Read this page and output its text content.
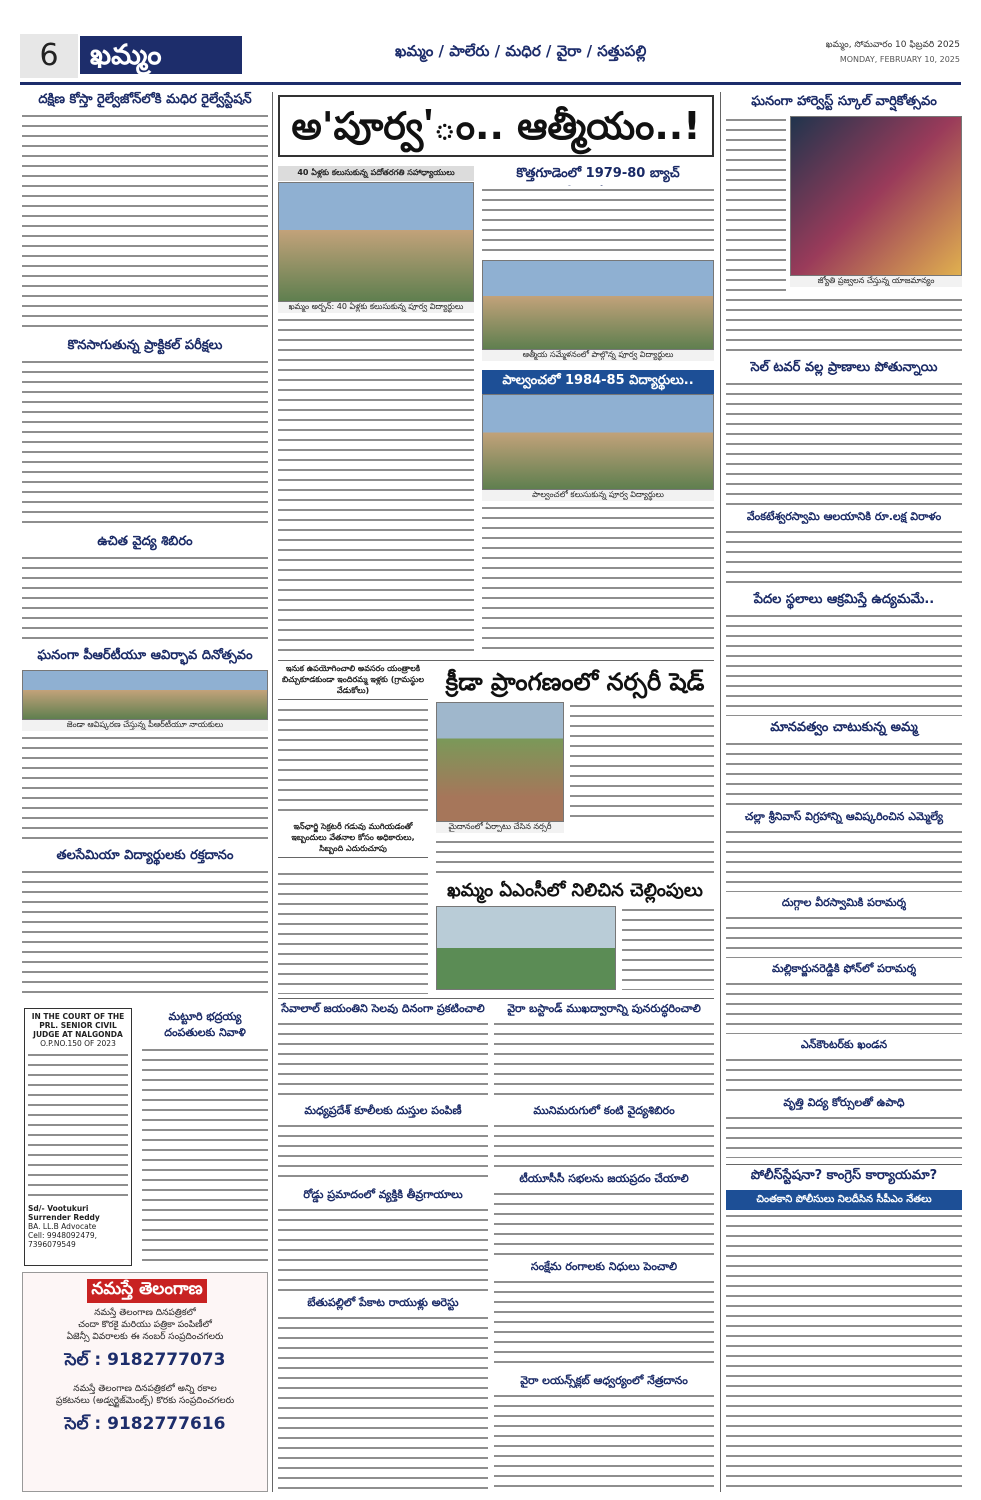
6	ఖమ్మం	ఖమ్మం / పాలేరు / మధిర / వైరా / సత్తుపల్లి	ఖమ్మం, సోమవారం 10 ఫిబ్రవరి 2025
MONDAY, FEBRUARY 10, 2025
దక్షిణ కోస్తా రైల్వేజోన్‌లోకి మధిర రైల్వేస్టేషన్
కొనసాగుతున్న ప్రాక్టికల్ పరీక్షలు
ఉచిత వైద్య శిబిరం
ఘనంగా పీఆర్‌టీయూ ఆవిర్భావ దినోత్సవం
జెండా ఆవిష్కరణ చేస్తున్న పీఆర్‌టీయూ నాయకులు
తలసేమియా విద్యార్థులకు రక్తదానం
IN THE COURT OF THE
PRL. SENIOR CIVIL
JUDGE AT NALGONDA
O.P.NO.150 OF 2023
Sd/- Vootukuri Surrender Reddy
BA. LL.B Advocate
Cell: 9948092479, 7396079549
మట్టూరి భద్రయ్య దంపతులకు నివాళి
నమస్తే తెలంగాణ
నమస్తే తెలంగాణ దినపత్రికలో
చందా కొరకై మరియు పత్రికా పంపిణీలో
ఏజెన్సీ వివరాలకు ఈ నంబర్ సంప్రదించగలరు
సెల్ : 9182777073
నమస్తే తెలంగాణ దినపత్రికలో అన్ని రకాల
ప్రకటనలు (అడ్వర్టైజ్‌మెంట్స్) కొరకు సంప్రదించగలరు
సెల్ : 9182777616
అ'పూర్వ'ం.. ఆత్మీయం..!
40 ఏళ్లకు కలుసుకున్న పదోతరగతి సహాధ్యాయులు
ఖమ్మం అర్బన్: 40 ఏళ్లకు కలుసుకున్న పూర్వ విద్యార్థులు
కొత్తగూడెంలో 1979-80 బ్యాచ్
ఆత్మీయ సమ్మేళనంలో పాల్గొన్న పూర్వ విద్యార్థులు
పాల్వంచలో 1984-85 విద్యార్థులు..
పాల్వంచలో కలుసుకున్న పూర్వ విద్యార్థులు
ఇనుక ఉపయోగించాలి అవసరం యంత్రాలకి బిచ్చుకూడకుండా ఇందిరమ్మ ఇళ్లకు (గ్రామస్థుల వేడుకోలు)	క్రీడా ప్రాంగణంలో నర్సరీ షెడ్
మైదానంలో ఏర్పాటు చేసిన నర్సరీ
ఇన్‌ఛార్జి సెక్రటరీ గడువు ముగియడంతో ఇబ్బందులు వేతనాల కోసం అధికారులు, సిబ్బంది ఎదురుచూపు
ఖమ్మం ఏఎంసీలో నిలిచిన చెల్లింపులు
సేవాలాల్ జయంతిని సెలవు దినంగా ప్రకటించాలి
మధ్యప్రదేశ్ కూలీలకు దుస్తుల పంపిణీ
రోడ్డు ప్రమాదంలో వ్యక్తికి తీవ్రగాయాలు
బేతుపల్లిలో పేకాట రాయుళ్లు అరెస్టు
వైరా బస్టాండ్ ముఖద్వారాన్ని పునరుద్ధరించాలి
మునిమరుగులో కంటి వైద్యశిబిరం
టీయూసీసీ సభలను జయప్రదం చేయాలి
సంక్షేమ రంగాలకు నిధులు పెంచాలి
వైరా లయన్స్‌క్లబ్ ఆధ్వర్యంలో నేత్రదానం
ఘనంగా హార్వెస్ట్ స్కూల్ వార్షికోత్సవం
జ్యోతి ప్రజ్వలన చేస్తున్న యాజమాన్యం
సెల్ టవర్ వల్ల ప్రాణాలు పోతున్నాయి
వేంకటేశ్వరస్వామి ఆలయానికి రూ.లక్ష విరాళం
పేదల స్థలాలు ఆక్రమిస్తే ఉద్యమమే..
మానవత్వం చాటుకున్న అమ్మ
చల్లా శ్రీనివాస్ విగ్రహాన్ని ఆవిష్కరించిన ఎమ్మెల్యే
దుగ్గాల వీరస్వామికి పరామర్శ
మల్లికార్జునరెడ్డికి ఫోన్‌లో పరామర్శ
ఎన్‌కౌంటర్‌కు ఖండన
వృత్తి విద్య కోర్సులతో ఉపాధి
పోలీస్‌స్టేషనా? కాంగ్రెస్ కార్యాయమా?
చింతకాని పోలీసులు నిలదీసిన సీపీఎం నేతలు
